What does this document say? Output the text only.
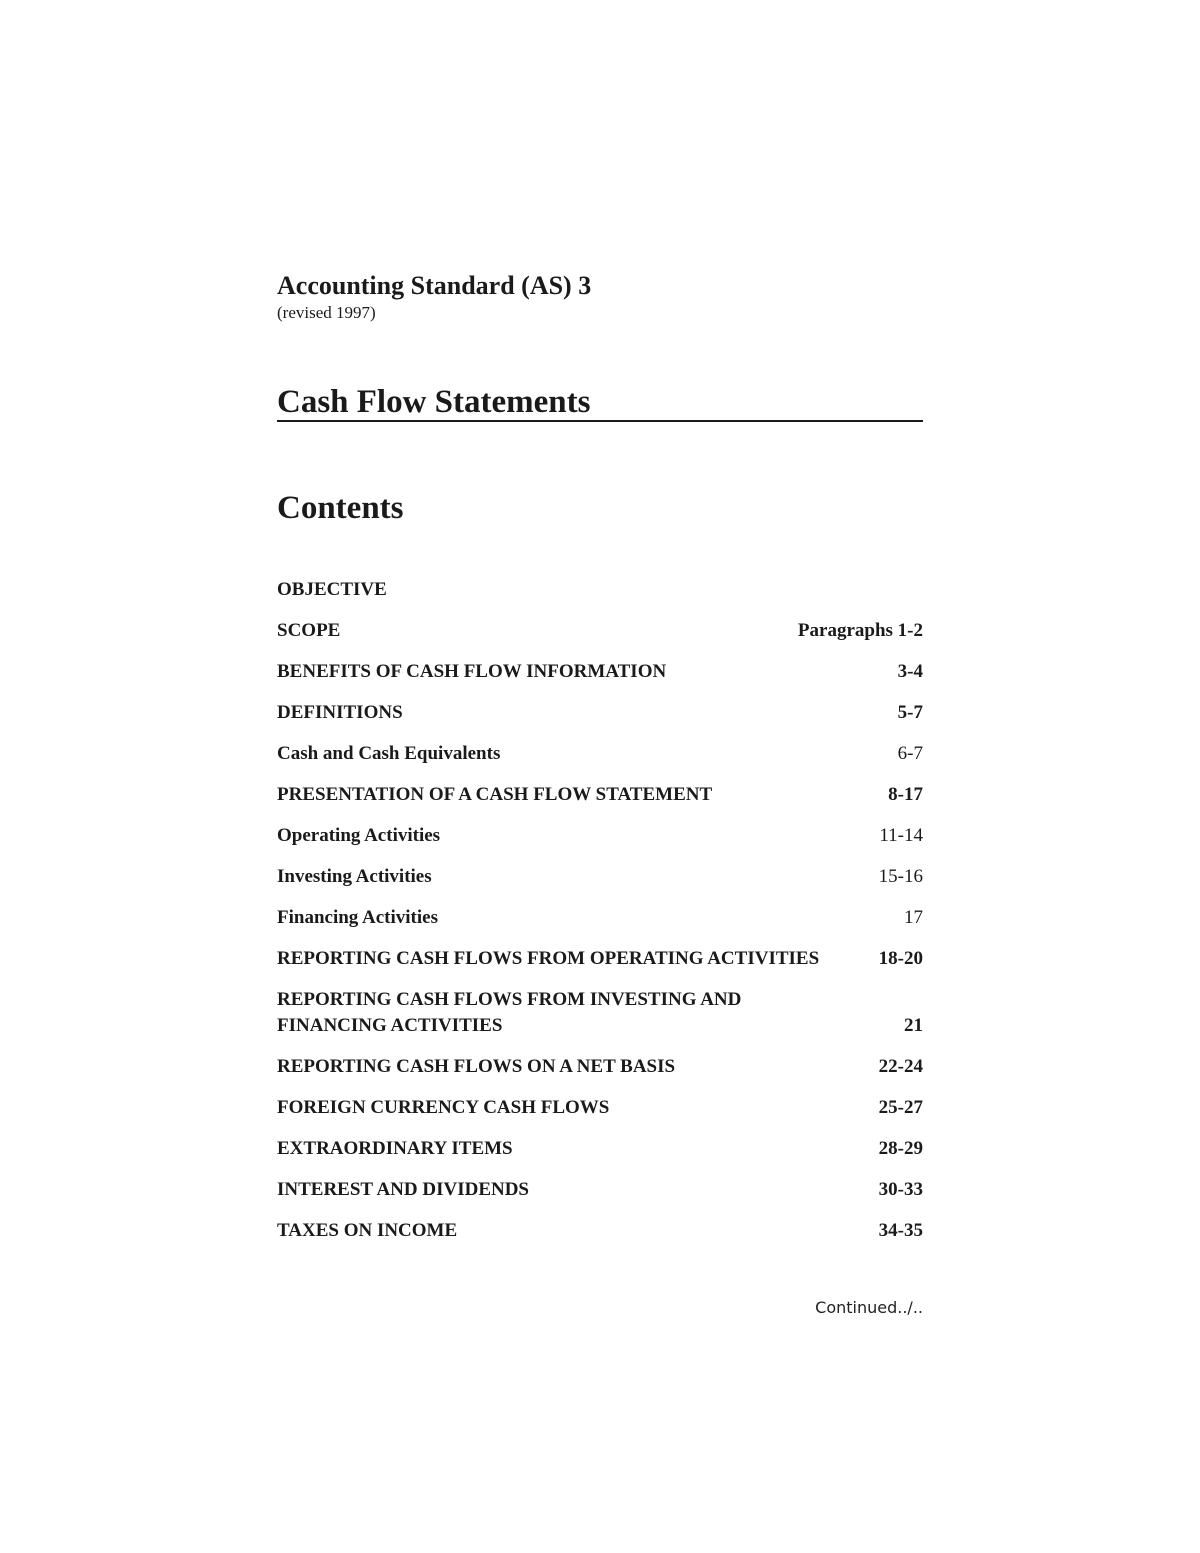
Accounting Standard (AS) 3

(revised 1997)

Cash Flow Statements
Contents
OBJECTIVE
SCOPE	Paragraphs 1-2
BENEFITS OF CASH FLOW INFORMATION	3-4
DEFINITIONS	5-7
Cash and Cash Equivalents	6-7
PRESENTATION OF A CASH FLOW STATEMENT	8-17
Operating Activities	11-14
Investing Activities	15-16
Financing Activities	17
REPORTING CASH FLOWS FROM OPERATING ACTIVITIES	18-20
REPORTING CASH FLOWS FROM INVESTING AND FINANCING ACTIVITIES	21
REPORTING CASH FLOWS ON A NET BASIS	22-24
FOREIGN CURRENCY CASH FLOWS	25-27
EXTRAORDINARY ITEMS	28-29
INTEREST AND DIVIDENDS	30-33
TAXES ON INCOME	34-35
Continued../..
